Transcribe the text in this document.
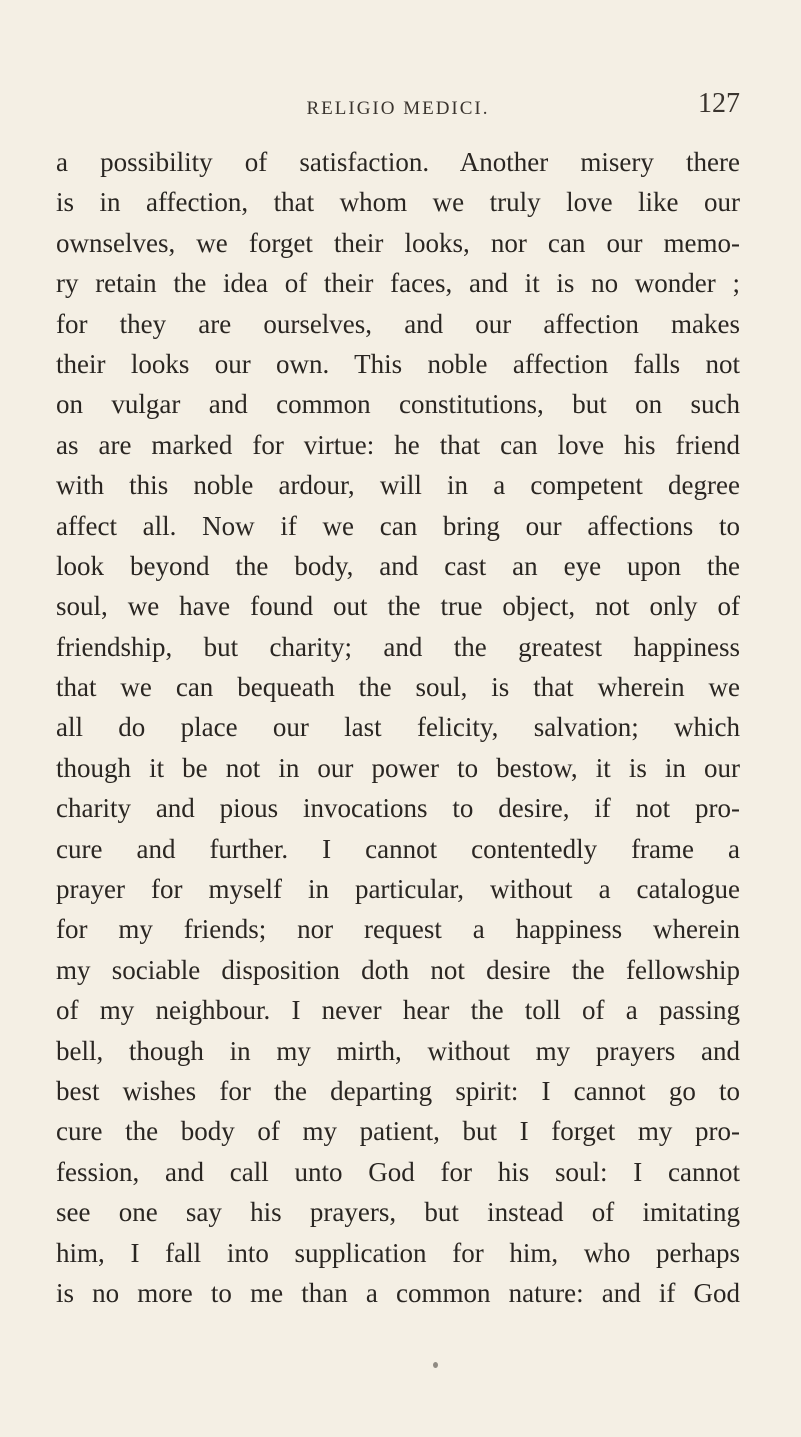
RELIGIO MEDICI.	127
a possibility of satisfaction. Another misery there
is in affection, that whom we truly love like our
ownselves, we forget their looks, nor can our memo-
ry retain the idea of their faces, and it is no wonder ;
for they are ourselves, and our affection makes
their looks our own. This noble affection falls not
on vulgar and common constitutions, but on such
as are marked for virtue: he that can love his friend
with this noble ardour, will in a competent degree
affect all. Now if we can bring our affections to
look beyond the body, and cast an eye upon the
soul, we have found out the true object, not only of
friendship, but charity; and the greatest happiness
that we can bequeath the soul, is that wherein we
all do place our last felicity, salvation; which
though it be not in our power to bestow, it is in our
charity and pious invocations to desire, if not pro-
cure and further. I cannot contentedly frame a
prayer for myself in particular, without a catalogue
for my friends; nor request a happiness wherein
my sociable disposition doth not desire the fellowship
of my neighbour. I never hear the toll of a passing
bell, though in my mirth, without my prayers and
best wishes for the departing spirit: I cannot go to
cure the body of my patient, but I forget my pro-
fession, and call unto God for his soul: I cannot
see one say his prayers, but instead of imitating
him, I fall into supplication for him, who perhaps
is no more to me than a common nature: and if God
